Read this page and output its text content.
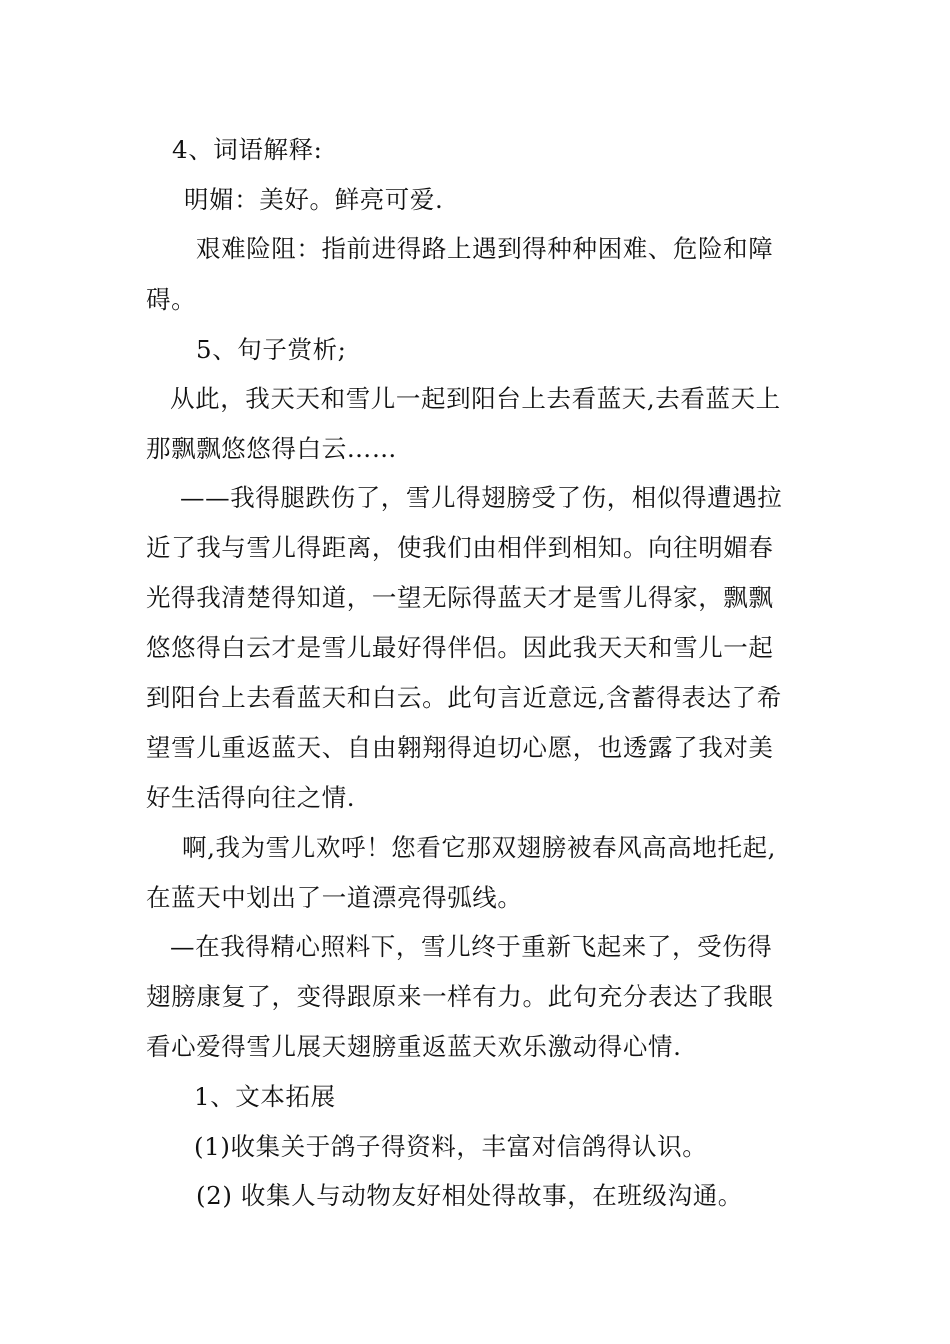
4、词语解释:

明媚：美好。鲜亮可爱.

艰难险阻：指前进得路上遇到得种种困难、危险和障

碍。

5、句子赏析;

从此，我天天和雪儿一起到阳台上去看蓝天,去看蓝天上

那飘飘悠悠得白云……

——我得腿跌伤了，雪儿得翅膀受了伤，相似得遭遇拉

近了我与雪儿得距离，使我们由相伴到相知。向往明媚春

光得我清楚得知道，一望无际得蓝天才是雪儿得家，飘飘

悠悠得白云才是雪儿最好得伴侣。因此我天天和雪儿一起

到阳台上去看蓝天和白云。此句言近意远,含蓄得表达了希

望雪儿重返蓝天、自由翱翔得迫切心愿，也透露了我对美

好生活得向往之情.

啊,我为雪儿欢呼！您看它那双翅膀被春风高高地托起,

在蓝天中划出了一道漂亮得弧线。

—在我得精心照料下，雪儿终于重新飞起来了，受伤得

翅膀康复了，变得跟原来一样有力。此句充分表达了我眼

看心爱得雪儿展天翅膀重返蓝天欢乐激动得心情.

1、文本拓展

(1)收集关于鸽子得资料，丰富对信鸽得认识。

(2) 收集人与动物友好相处得故事，在班级沟通。
